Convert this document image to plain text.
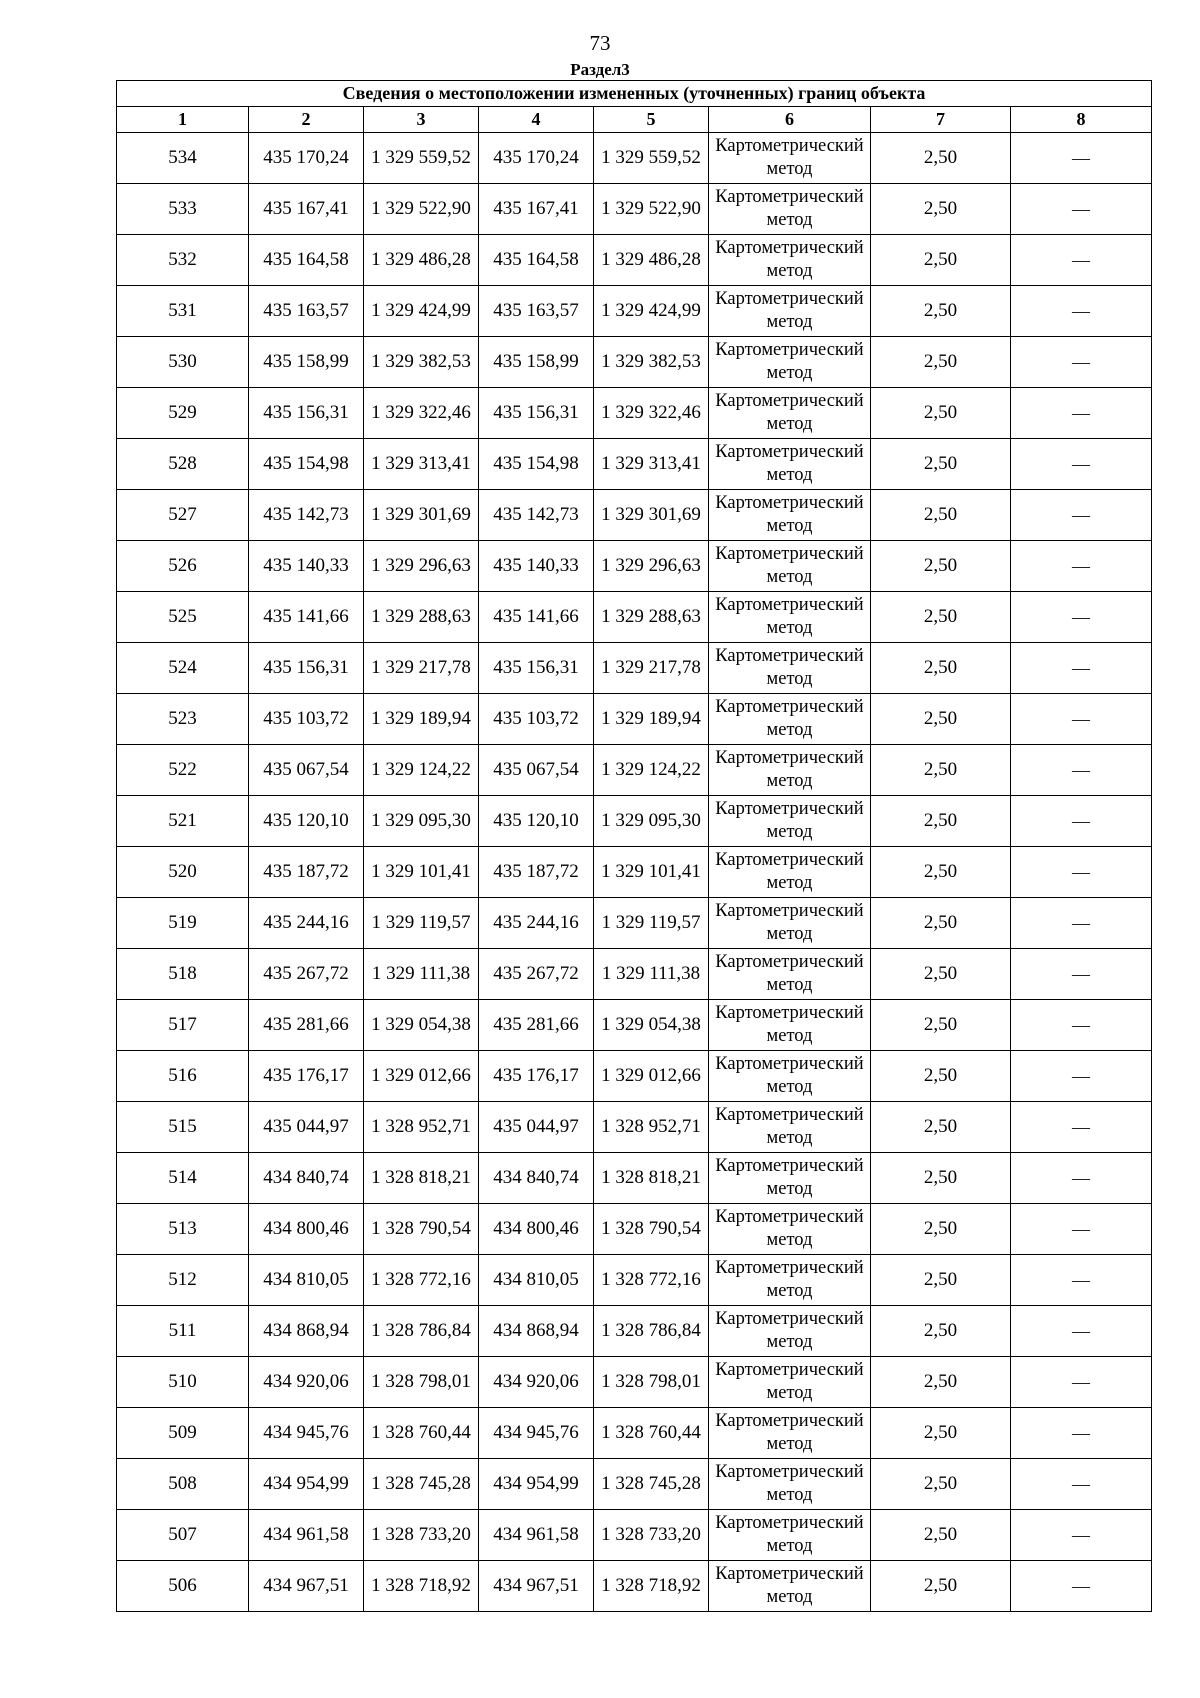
73
Раздел3
Сведения о местоположении измененных (уточненных) границ объекта							
1	2	3	4	5	6	7	8
534	435 170,24	1 329 559,52	435 170,24	1 329 559,52	Картометрический метод	2,50	—
533	435 167,41	1 329 522,90	435 167,41	1 329 522,90	Картометрический метод	2,50	—
532	435 164,58	1 329 486,28	435 164,58	1 329 486,28	Картометрический метод	2,50	—
531	435 163,57	1 329 424,99	435 163,57	1 329 424,99	Картометрический метод	2,50	—
530	435 158,99	1 329 382,53	435 158,99	1 329 382,53	Картометрический метод	2,50	—
529	435 156,31	1 329 322,46	435 156,31	1 329 322,46	Картометрический метод	2,50	—
528	435 154,98	1 329 313,41	435 154,98	1 329 313,41	Картометрический метод	2,50	—
527	435 142,73	1 329 301,69	435 142,73	1 329 301,69	Картометрический метод	2,50	—
526	435 140,33	1 329 296,63	435 140,33	1 329 296,63	Картометрический метод	2,50	—
525	435 141,66	1 329 288,63	435 141,66	1 329 288,63	Картометрический метод	2,50	—
524	435 156,31	1 329 217,78	435 156,31	1 329 217,78	Картометрический метод	2,50	—
523	435 103,72	1 329 189,94	435 103,72	1 329 189,94	Картометрический метод	2,50	—
522	435 067,54	1 329 124,22	435 067,54	1 329 124,22	Картометрический метод	2,50	—
521	435 120,10	1 329 095,30	435 120,10	1 329 095,30	Картометрический метод	2,50	—
520	435 187,72	1 329 101,41	435 187,72	1 329 101,41	Картометрический метод	2,50	—
519	435 244,16	1 329 119,57	435 244,16	1 329 119,57	Картометрический метод	2,50	—
518	435 267,72	1 329 111,38	435 267,72	1 329 111,38	Картометрический метод	2,50	—
517	435 281,66	1 329 054,38	435 281,66	1 329 054,38	Картометрический метод	2,50	—
516	435 176,17	1 329 012,66	435 176,17	1 329 012,66	Картометрический метод	2,50	—
515	435 044,97	1 328 952,71	435 044,97	1 328 952,71	Картометрический метод	2,50	—
514	434 840,74	1 328 818,21	434 840,74	1 328 818,21	Картометрический метод	2,50	—
513	434 800,46	1 328 790,54	434 800,46	1 328 790,54	Картометрический метод	2,50	—
512	434 810,05	1 328 772,16	434 810,05	1 328 772,16	Картометрический метод	2,50	—
511	434 868,94	1 328 786,84	434 868,94	1 328 786,84	Картометрический метод	2,50	—
510	434 920,06	1 328 798,01	434 920,06	1 328 798,01	Картометрический метод	2,50	—
509	434 945,76	1 328 760,44	434 945,76	1 328 760,44	Картометрический метод	2,50	—
508	434 954,99	1 328 745,28	434 954,99	1 328 745,28	Картометрический метод	2,50	—
507	434 961,58	1 328 733,20	434 961,58	1 328 733,20	Картометрический метод	2,50	—
506	434 967,51	1 328 718,92	434 967,51	1 328 718,92	Картометрический метод	2,50	—
